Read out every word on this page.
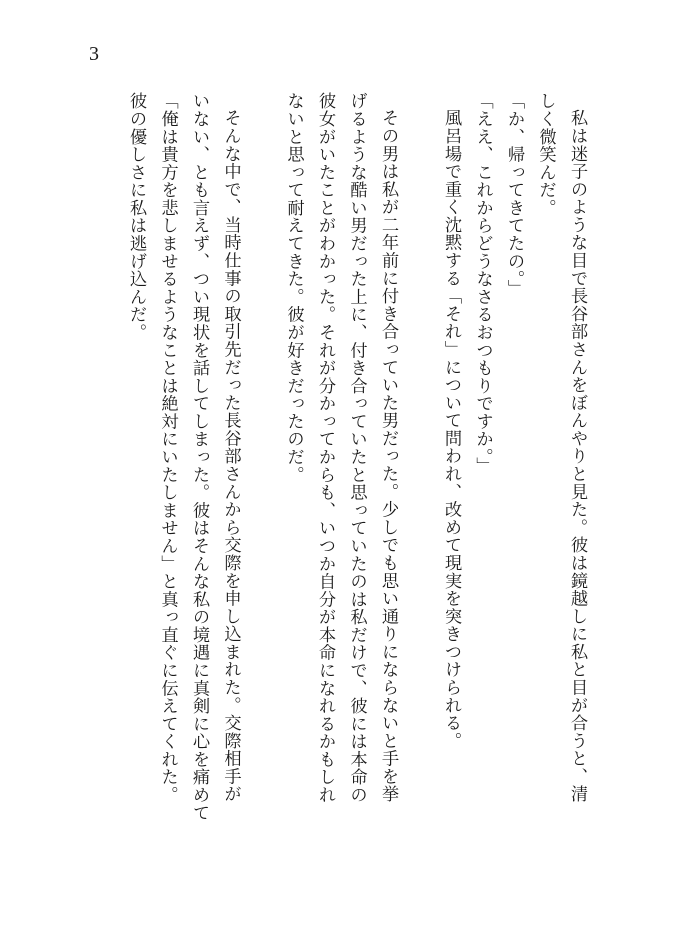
3
私は迷子のような目で長谷部さんをぼんやりと見た。彼は鏡越しに私と目が合うと、清
しく微笑んだ。
「か、帰ってきてたの。」
「ええ、これからどうなさるおつもりですか。」
風呂場で重く沈黙する「それ」について問われ、改めて現実を突きつけられる。
その男は私が二年前に付き合っていた男だった。少しでも思い通りにならないと手を挙
げるような酷い男だった上に、付き合っていたと思っていたのは私だけで、彼には本命の
彼女がいたことがわかった。それが分かってからも、いつか自分が本命になれるかもしれ
ないと思って耐えてきた。彼が好きだったのだ。
そんな中で、当時仕事の取引先だった長谷部さんから交際を申し込まれた。交際相手が
いない、とも言えず、つい現状を話してしまった。彼はそんな私の境遇に真剣に心を痛めて
「俺は貴方を悲しませるようなことは絶対にいたしません」と真っ直ぐに伝えてくれた。
彼の優しさに私は逃げ込んだ。
